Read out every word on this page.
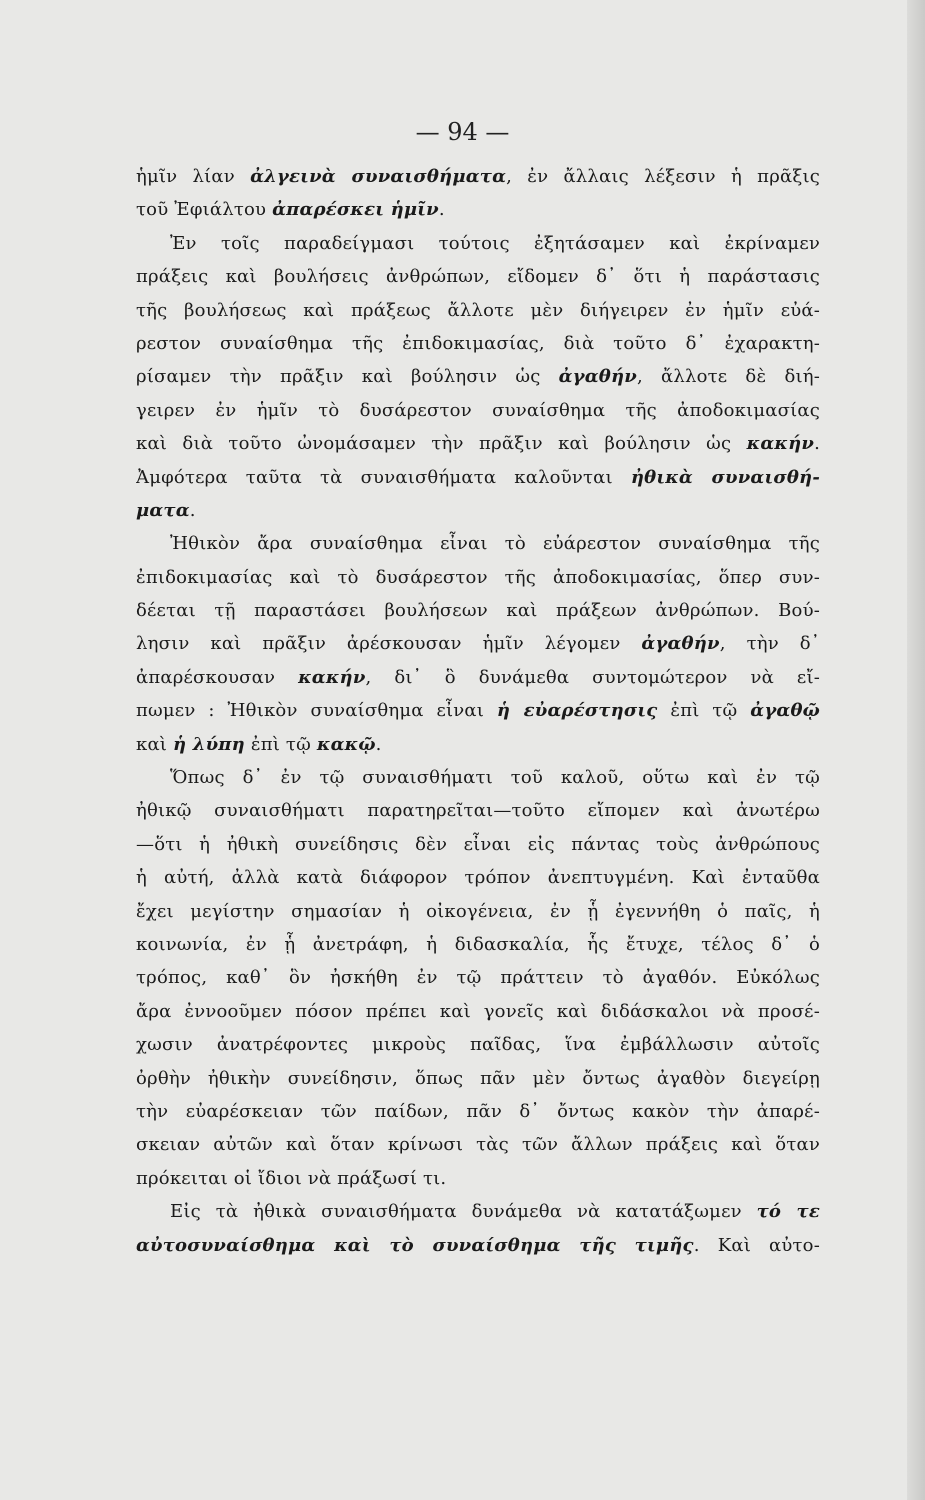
— 94 —
ἡμῖν λίαν ἀλγεινὰ συναισθήματα, ἐν ἄλλαις λέξεσιν ἡ πρᾶξις
τοῦ Ἐφιάλτου ἀπαρέσκει ἡμῖν.
Ἐν τοῖς παραδείγμασι τούτοις ἐξητάσαμεν καὶ ἐκρίναμεν
πράξεις καὶ βουλήσεις ἀνθρώπων, εἴδομεν δ᾿ ὅτι ἡ παράστασις
τῆς βουλήσεως καὶ πράξεως ἄλλοτε μὲν διήγειρεν ἐν ἡμῖν εὐά-
ρεστον συναίσθημα τῆς ἐπιδοκιμασίας, διὰ τοῦτο δ᾿ ἐχαρακτη-
ρίσαμεν τὴν πρᾶξιν καὶ βούλησιν ὡς ἀγαθήν, ἄλλοτε δὲ διή-
γειρεν ἐν ἡμῖν τὸ δυσάρεστον συναίσθημα τῆς ἀποδοκιμασίας
καὶ διὰ τοῦτο ὠνομάσαμεν τὴν πρᾶξιν καὶ βούλησιν ὡς κακήν.
Ἀμφότερα ταῦτα τὰ συναισθήματα καλοῦνται ἠθικὰ συναισθή-
ματα.
Ἠθικὸν ἄρα συναίσθημα εἶναι τὸ εὐάρεστον συναίσθημα τῆς
ἐπιδοκιμασίας καὶ τὸ δυσάρεστον τῆς ἀποδοκιμασίας, ὅπερ συν-
δέεται τῇ παραστάσει βουλήσεων καὶ πράξεων ἀνθρώπων. Βού-
λησιν καὶ πρᾶξιν ἀρέσκουσαν ἡμῖν λέγομεν ἀγαθήν, τὴν δ᾿
ἀπαρέσκουσαν κακήν, δι᾿ ὃ δυνάμεθα συντομώτερον νὰ εἴ-
πωμεν : Ἠθικὸν συναίσθημα εἶναι ἡ εὐαρέστησις ἐπὶ τῷ ἀγαθῷ
καὶ ἡ λύπη ἐπὶ τῷ κακῷ.
Ὅπως δ᾿ ἐν τῷ συναισθήματι τοῦ καλοῦ, οὕτω καὶ ἐν τῷ
ἠθικῷ συναισθήματι παρατηρεῖται—τοῦτο εἴπομεν καὶ ἀνωτέρω
—ὅτι ἡ ἠθικὴ συνείδησις δὲν εἶναι εἰς πάντας τοὺς ἀνθρώπους
ἡ αὐτή, ἀλλὰ κατὰ διάφορον τρόπον ἀνεπτυγμένη. Καὶ ἐνταῦθα
ἔχει μεγίστην σημασίαν ἡ οἰκογένεια, ἐν ᾗ ἐγεννήθη ὁ παῖς, ἡ
κοινωνία, ἐν ᾗ ἀνετράφη, ἡ διδασκαλία, ἧς ἔτυχε, τέλος δ᾿ ὁ
τρόπος, καθ᾿ ὃν ἠσκήθη ἐν τῷ πράττειν τὸ ἀγαθόν. Εὐκόλως
ἄρα ἐννοοῦμεν πόσον πρέπει καὶ γονεῖς καὶ διδάσκαλοι νὰ προσέ-
χωσιν ἀνατρέφοντες μικροὺς παῖδας, ἵνα ἐμβάλλωσιν αὐτοῖς
ὀρθὴν ἠθικὴν συνείδησιν, ὅπως πᾶν μὲν ὄντως ἀγαθὸν διεγείρῃ
τὴν εὐαρέσκειαν τῶν παίδων, πᾶν δ᾿ ὄντως κακὸν τὴν ἀπαρέ-
σκειαν αὐτῶν καὶ ὅταν κρίνωσι τὰς τῶν ἄλλων πράξεις καὶ ὅταν
πρόκειται οἱ ἴδιοι νὰ πράξωσί τι.
Εἰς τὰ ἠθικὰ συναισθήματα δυνάμεθα νὰ κατατάξωμεν τό τε
αὐτοσυναίσθημα καὶ τὸ συναίσθημα τῆς τιμῆς. Καὶ αὐτο-
